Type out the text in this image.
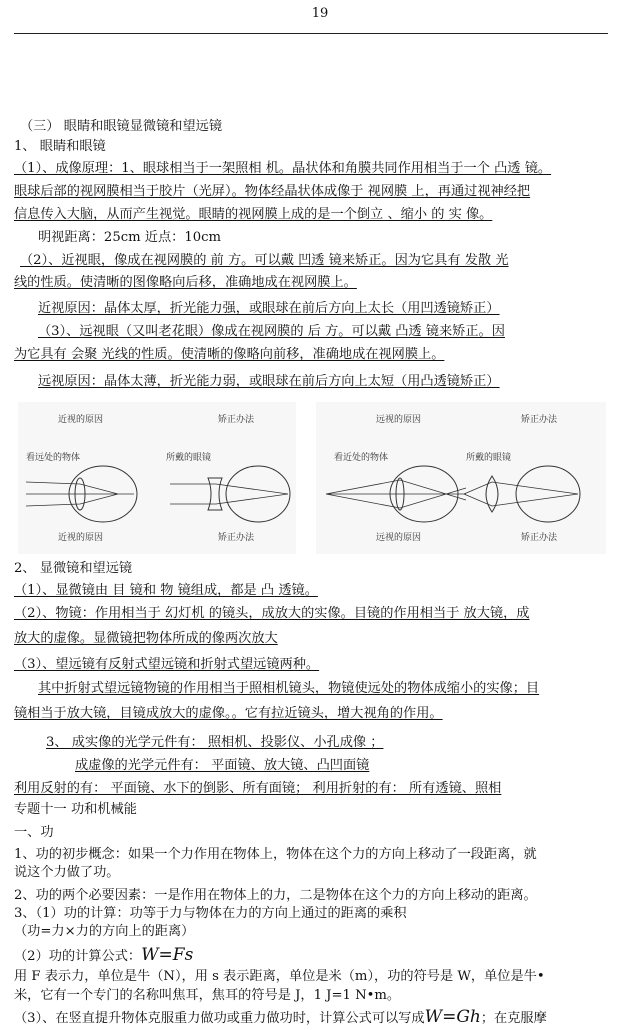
19
（三） 眼睛和眼镜显微镜和望远镜
1、 眼睛和眼镜
（1）、成像原理：1、眼球相当于一架照相 机。晶状体和角膜共同作用相当于一个 凸透 镜。
眼球后部的视网膜相当于胶片（光屏）。物体经晶状体成像于 视网膜 上，再通过视神经把
信息传入大脑，从而产生视觉。眼睛的视网膜上成的是一个倒立 、缩小 的 实 像。
明视距离：25cm 近点：10cm
（2）、近视眼，像成在视网膜的 前 方。可以戴 凹透 镜来矫正。因为它具有 发散 光
线的性质。使清晰的图像略向后移，准确地成在视网膜上。
近视原因：晶体太厚，折光能力强，或眼球在前后方向上太长（用凹透镜矫正）
（3）、远视眼（又叫老花眼）像成在视网膜的 后 方。可以戴 凸透 镜来矫正。因
为它具有 会聚 光线的性质。使清晰的像略向前移，准确地成在视网膜上。
远视原因：晶体太薄，折光能力弱，或眼球在前后方向上太短（用凸透镜矫正）
近视的原因	矫正办法
看远处的物体	所戴的眼镜
近视的原因	矫正办法
远视的原因	矫正办法
看近处的物体	所戴的眼镜
远视的原因	矫正办法
2、 显微镜和望远镜
（1）、显微镜由 目 镜和 物 镜组成，都是 凸 透镜。
（2）、物镜：作用相当于 幻灯机 的镜头，成放大的实像。目镜的作用相当于 放大镜，成
放大的虚像。显微镜把物体所成的像两次放大
（3）、望远镜有反射式望远镜和折射式望远镜两种。
其中折射式望远镜物镜的作用相当于照相机镜头，物镜使远处的物体成缩小的实像；目
镜相当于放大镜，目镜成放大的虚像。。它有拉近镜头，增大视角的作用。
3、 成实像的光学元件有： 照相机、投影仪、小孔成像 ；
成虚像的光学元件有： 平面镜、放大镜、凸凹面镜
利用反射的有： 平面镜、水下的倒影、所有面镜； 利用折射的有： 所有透镜、照相
专题十一 功和机械能
一、功
1、功的初步概念：如果一个力作用在物体上，物体在这个力的方向上移动了一段距离，就
说这个力做了功。
2、功的两个必要因素：一是作用在物体上的力，二是物体在这个力的方向上移动的距离。
3、（1）功的计算：功等于力与物体在力的方向上通过的距离的乘积
（功=力×力的方向上的距离）
（2）功的计算公式：W=Fs
用 F 表示力，单位是牛（N），用 s 表示距离，单位是米（m），功的符号是 W，单位是牛•
米，它有一个专门的名称叫焦耳，焦耳的符号是 J，1 J=1 N•m。
（3）、在竖直提升物体克服重力做功或重力做功时，计算公式可以写成W=Gh；在克服摩
